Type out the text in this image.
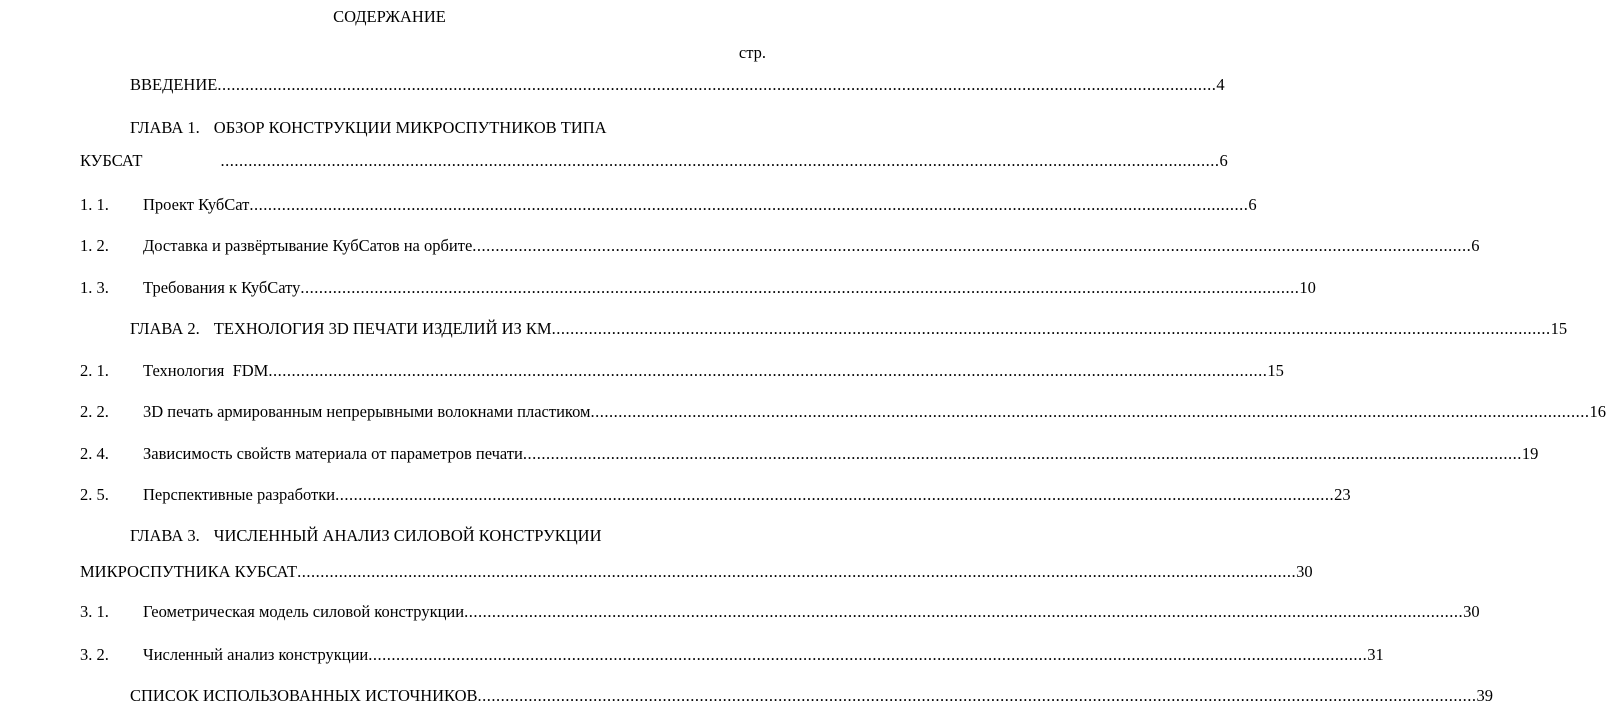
СОДЕРЖАНИЕ
стр.
ВВЕДЕНИЕ .....	4
ГЛАВА 1. ОБЗОР КОНСТРУКЦИИ МИКРОСПУТНИКОВ ТИПА
КУБСАТ .....	6
1. 1.	Проект КубСат .....	6
1. 2.	Доставка и развёртывание КубСатов на орбите .....	6
1. 3.	Требования к КубСату .....	10
ГЛАВА 2. ТЕХНОЛОГИЯ 3D ПЕЧАТИ ИЗДЕЛИЙ ИЗ КМ .....	15
2. 1.	Технология  FDM .....	15
2. 2.	3D печать армированным непрерывными волокнами пластиком .....	16
2. 4.	Зависимость свойств материала от параметров печати .....	19
2. 5.	Перспективные разработки .....	23
ГЛАВА 3. ЧИСЛЕННЫЙ АНАЛИЗ СИЛОВОЙ КОНСТРУКЦИИ
МИКРОСПУТНИКА КУБСАТ .....	30
3. 1.	Геометрическая модель силовой конструкции .....	30
3. 2.	Численный анализ конструкции .....	31
СПИСОК ИСПОЛЬЗОВАННЫХ ИСТОЧНИКОВ .....	39
